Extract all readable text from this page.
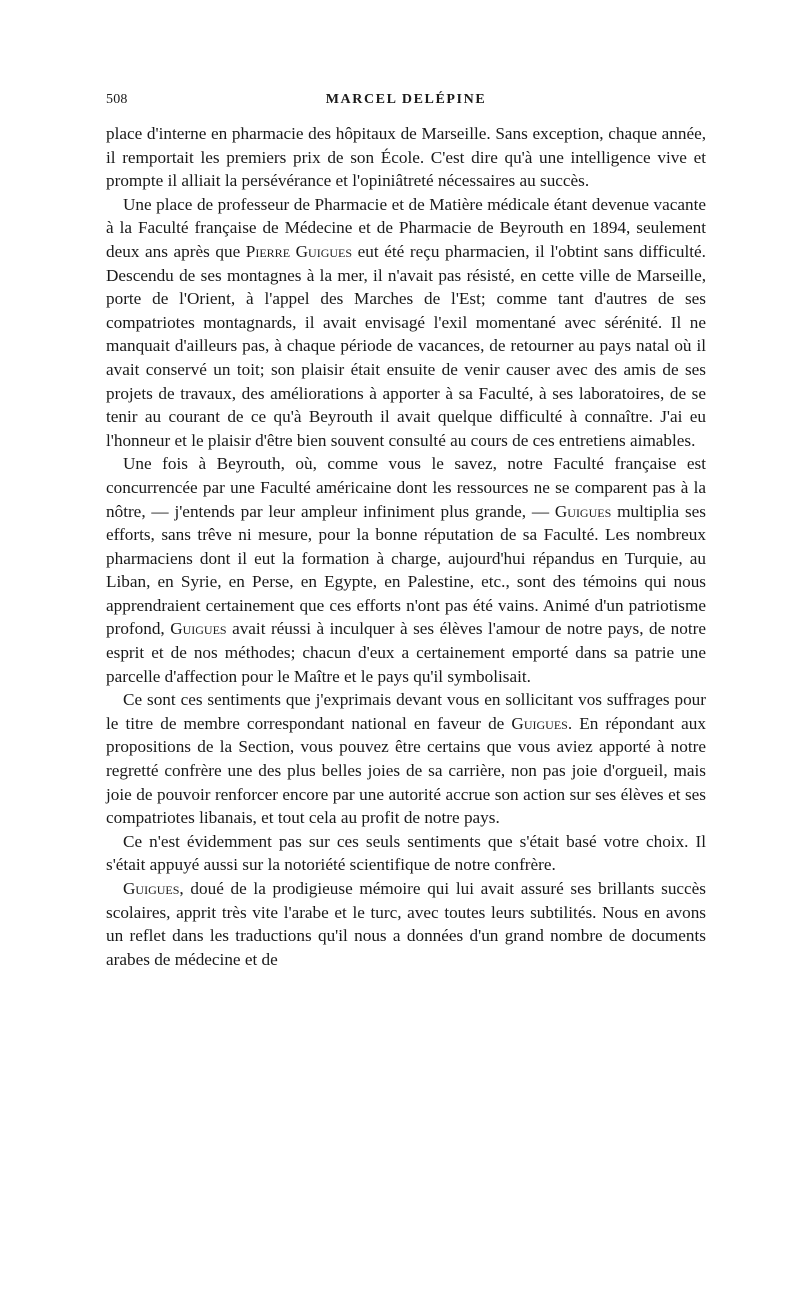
508	MARCEL DELÉPINE

place d'interne en pharmacie des hôpitaux de Marseille. Sans exception, chaque année, il remportait les premiers prix de son École. C'est dire qu'à une intelligence vive et prompte il alliait la persévérance et l'opiniâtreté nécessaires au succès.

Une place de professeur de Pharmacie et de Matière médicale étant devenue vacante à la Faculté française de Médecine et de Pharmacie de Beyrouth en 1894, seulement deux ans après que Pierre Guigues eut été reçu pharmacien, il l'obtint sans difficulté. Descendu de ses montagnes à la mer, il n'avait pas résisté, en cette ville de Marseille, porte de l'Orient, à l'appel des Marches de l'Est; comme tant d'autres de ses compatriotes montagnards, il avait envisagé l'exil momentané avec sérénité. Il ne manquait d'ailleurs pas, à chaque période de vacances, de retourner au pays natal où il avait conservé un toit; son plaisir était ensuite de venir causer avec des amis de ses projets de travaux, des améliorations à apporter à sa Faculté, à ses laboratoires, de se tenir au courant de ce qu'à Beyrouth il avait quelque difficulté à connaître. J'ai eu l'honneur et le plaisir d'être bien souvent consulté au cours de ces entretiens aimables.

Une fois à Beyrouth, où, comme vous le savez, notre Faculté française est concurrencée par une Faculté américaine dont les ressources ne se comparent pas à la nôtre, — j'entends par leur ampleur infiniment plus grande, — Guigues multiplia ses efforts, sans trêve ni mesure, pour la bonne réputation de sa Faculté. Les nombreux pharmaciens dont il eut la formation à charge, aujourd'hui répandus en Turquie, au Liban, en Syrie, en Perse, en Egypte, en Palestine, etc., sont des témoins qui nous apprendraient certainement que ces efforts n'ont pas été vains. Animé d'un patriotisme profond, Guigues avait réussi à inculquer à ses élèves l'amour de notre pays, de notre esprit et de nos méthodes; chacun d'eux a certainement emporté dans sa patrie une parcelle d'affection pour le Maître et le pays qu'il symbolisait.

Ce sont ces sentiments que j'exprimais devant vous en sollicitant vos suffrages pour le titre de membre correspondant national en faveur de Guigues. En répondant aux propositions de la Section, vous pouvez être certains que vous aviez apporté à notre regretté confrère une des plus belles joies de sa carrière, non pas joie d'orgueil, mais joie de pouvoir renforcer encore par une autorité accrue son action sur ses élèves et ses compatriotes libanais, et tout cela au profit de notre pays.

Ce n'est évidemment pas sur ces seuls sentiments que s'était basé votre choix. Il s'était appuyé aussi sur la notoriété scientifique de notre confrère.

Guigues, doué de la prodigieuse mémoire qui lui avait assuré ses brillants succès scolaires, apprit très vite l'arabe et le turc, avec toutes leurs subtilités. Nous en avons un reflet dans les traductions qu'il nous a données d'un grand nombre de documents arabes de médecine et de
